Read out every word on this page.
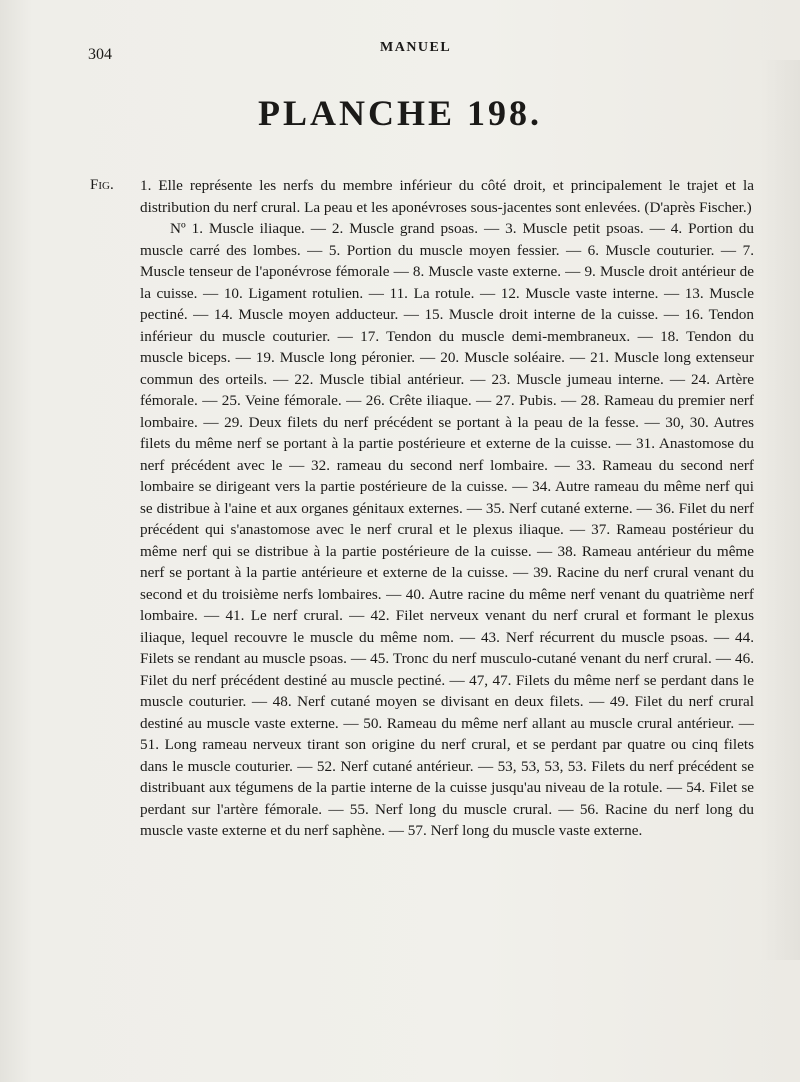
304	MANUEL
PLANCHE 198.
Fig. 1. Elle représente les nerfs du membre inférieur du côté droit, et principalement le trajet et la distribution du nerf crural. La peau et les aponévroses sous-jacentes sont enlevées. (D'après Fischer.)

Nº 1. Muscle iliaque. — 2. Muscle grand psoas. — 3. Muscle petit psoas. — 4. Portion du muscle carré des lombes. — 5. Portion du muscle moyen fessier. — 6. Muscle couturier. — 7. Muscle tenseur de l'aponévrose fémorale — 8. Muscle vaste externe. — 9. Muscle droit antérieur de la cuisse. — 10. Ligament rotulien. — 11. La rotule. — 12. Muscle vaste interne. — 13. Muscle pectiné. — 14. Muscle moyen adducteur. — 15. Muscle droit interne de la cuisse. — 16. Tendon inférieur du muscle couturier. — 17. Tendon du muscle demi-membraneux. — 18. Tendon du muscle biceps. — 19. Muscle long péronier. — 20. Muscle soléaire. — 21. Muscle long extenseur commun des orteils. — 22. Muscle tibial antérieur. — 23. Muscle jumeau interne. — 24. Artère fémorale. — 25. Veine fémorale. — 26. Crête iliaque. — 27. Pubis. — 28. Rameau du premier nerf lombaire. — 29. Deux filets du nerf précédent se portant à la peau de la fesse. — 30, 30. Autres filets du même nerf se portant à la partie postérieure et externe de la cuisse. — 31. Anastomose du nerf précédent avec le — 32. rameau du second nerf lombaire. — 33. Rameau du second nerf lombaire se dirigeant vers la partie postérieure de la cuisse. — 34. Autre rameau du même nerf qui se distribue à l'aine et aux organes génitaux externes. — 35. Nerf cutané externe. — 36. Filet du nerf précédent qui s'anastomose avec le nerf crural et le plexus iliaque. — 37. Rameau postérieur du même nerf qui se distribue à la partie postérieure de la cuisse. — 38. Rameau antérieur du même nerf se portant à la partie antérieure et externe de la cuisse. — 39. Racine du nerf crural venant du second et du troisième nerfs lombaires. — 40. Autre racine du même nerf venant du quatrième nerf lombaire. — 41. Le nerf crural. — 42. Filet nerveux venant du nerf crural et formant le plexus iliaque, lequel recouvre le muscle du même nom. — 43. Nerf récurrent du muscle psoas. — 44. Filets se rendant au muscle psoas. — 45. Tronc du nerf musculo-cutané venant du nerf crural. — 46. Filet du nerf précédent destiné au muscle pectiné. — 47, 47. Filets du même nerf se perdant dans le muscle couturier. — 48. Nerf cutané moyen se divisant en deux filets. — 49. Filet du nerf crural destiné au muscle vaste externe. — 50. Rameau du même nerf allant au muscle crural antérieur. — 51. Long rameau nerveux tirant son origine du nerf crural, et se perdant par quatre ou cinq filets dans le muscle couturier. — 52. Nerf cutané antérieur. — 53, 53, 53, 53. Filets du nerf précédent se distribuant aux tégumens de la partie interne de la cuisse jusqu'au niveau de la rotule. — 54. Filet se perdant sur l'artère fémorale. — 55. Nerf long du muscle crural. — 56. Racine du nerf long du muscle vaste externe et du nerf saphène. — 57. Nerf long du muscle vaste externe.
